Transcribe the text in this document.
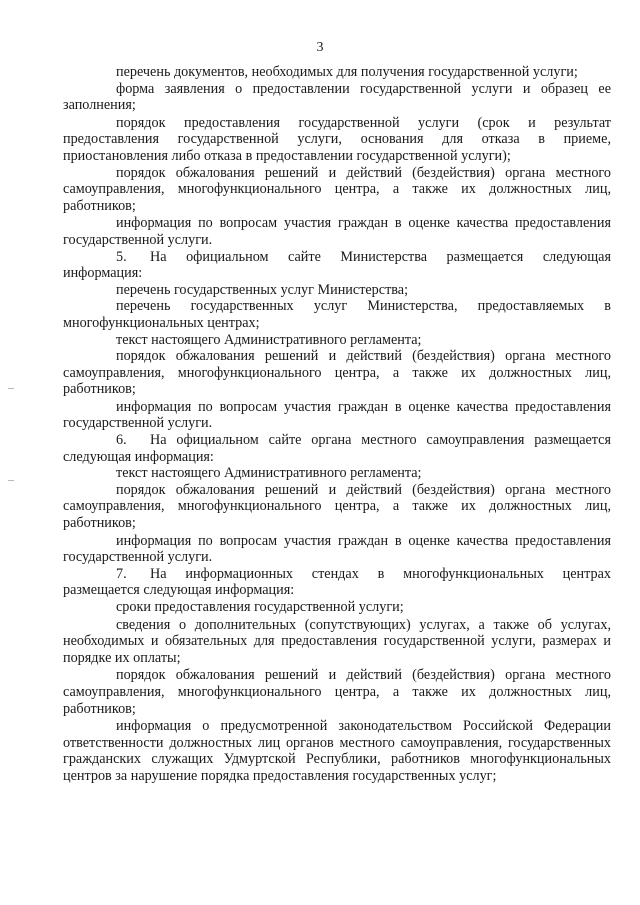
3

перечень документов, необходимых для получения государственной услуги;

форма заявления о предоставлении государственной услуги и образец ее заполнения;

порядок предоставления государственной услуги (срок и результат предоставления государственной услуги, основания для отказа в приеме, приостановления либо отказа в предоставлении государственной услуги);

порядок обжалования решений и действий (бездействия) органа местного самоуправления, многофункционального центра, а также их должностных лиц, работников;

информация по вопросам участия граждан в оценке качества предоставления государственной услуги.

5. На официальном сайте Министерства размещается следующая информация:

перечень государственных услуг Министерства;

перечень государственных услуг Министерства, предоставляемых в многофункциональных центрах;

текст настоящего Административного регламента;

порядок обжалования решений и действий (бездействия) органа местного самоуправления, многофункционального центра, а также их должностных лиц, работников;

информация по вопросам участия граждан в оценке качества предоставления государственной услуги.

6. На официальном сайте органа местного самоуправления размещается следующая информация:

текст настоящего Административного регламента;

порядок обжалования решений и действий (бездействия) органа местного самоуправления, многофункционального центра, а также их должностных лиц, работников;

информация по вопросам участия граждан в оценке качества предоставления государственной услуги.

7. На информационных стендах в многофункциональных центрах размещается следующая информация:

сроки предоставления государственной услуги;

сведения о дополнительных (сопутствующих) услугах, а также об услугах, необходимых и обязательных для предоставления государственной услуги, размерах и порядке их оплаты;

порядок обжалования решений и действий (бездействия) органа местного самоуправления, многофункционального центра, а также их должностных лиц, работников;

информация о предусмотренной законодательством Российской Федерации ответственности должностных лиц органов местного самоуправления, государственных гражданских служащих Удмуртской Республики, работников многофункциональных центров за нарушение порядка предоставления государственных услуг;
